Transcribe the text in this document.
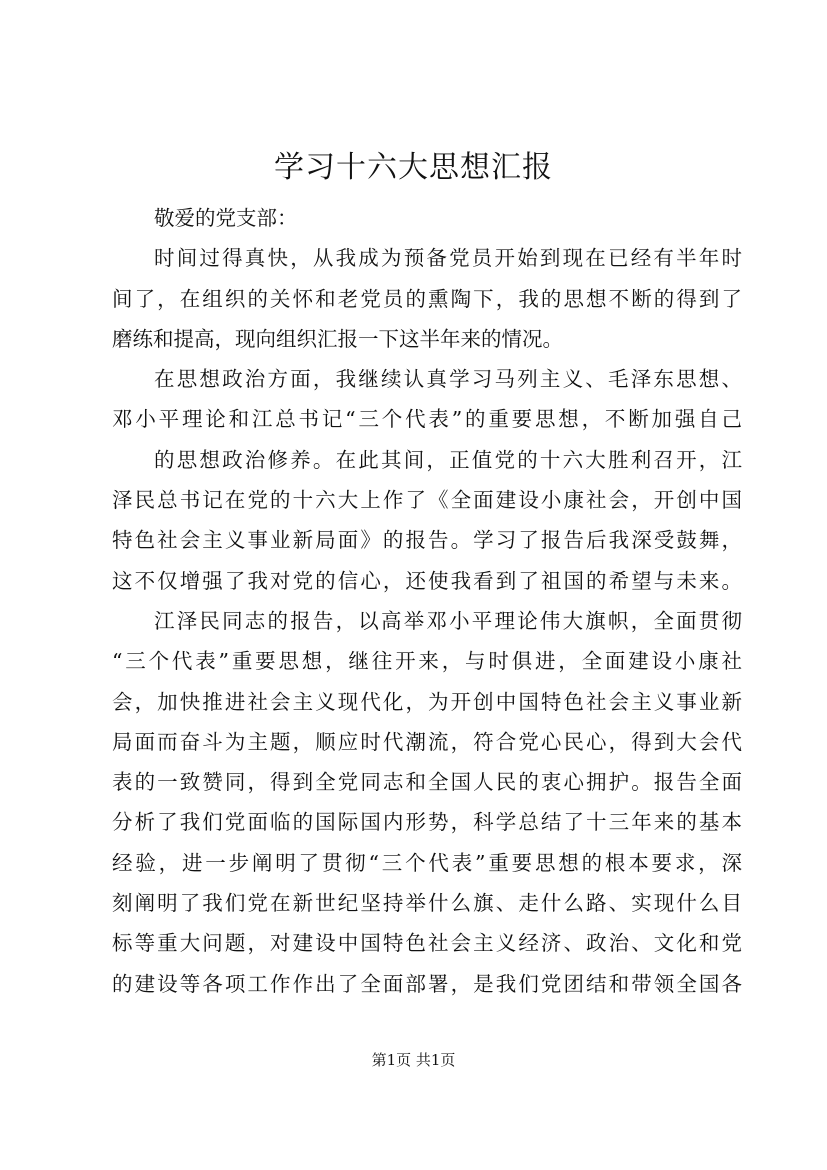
学习十六大思想汇报
敬爱的党支部：
时间过得真快，从我成为预备党员开始到现在已经有半年时
间了，在组织的关怀和老党员的熏陶下，我的思想不断的得到了
磨练和提高，现向组织汇报一下这半年来的情况。
在思想政治方面，我继续认真学习马列主义、毛泽东思想、
邓小平理论和江总书记“三个代表”的重要思想，不断加强自己
的思想政治修养。在此其间，正值党的十六大胜利召开，江
泽民总书记在党的十六大上作了《全面建设小康社会，开创中国
特色社会主义事业新局面》的报告。学习了报告后我深受鼓舞，
这不仅增强了我对党的信心，还使我看到了祖国的希望与未来。
江泽民同志的报告，以高举邓小平理论伟大旗帜，全面贯彻
“三个代表”重要思想，继往开来，与时俱进，全面建设小康社
会，加快推进社会主义现代化，为开创中国特色社会主义事业新
局面而奋斗为主题，顺应时代潮流，符合党心民心，得到大会代
表的一致赞同，得到全党同志和全国人民的衷心拥护。报告全面
分析了我们党面临的国际国内形势，科学总结了十三年来的基本
经验，进一步阐明了贯彻“三个代表”重要思想的根本要求，深
刻阐明了我们党在新世纪坚持举什么旗、走什么路、实现什么目
标等重大问题，对建设中国特色社会主义经济、政治、文化和党
的建设等各项工作作出了全面部署，是我们党团结和带领全国各
第1页 共1页
